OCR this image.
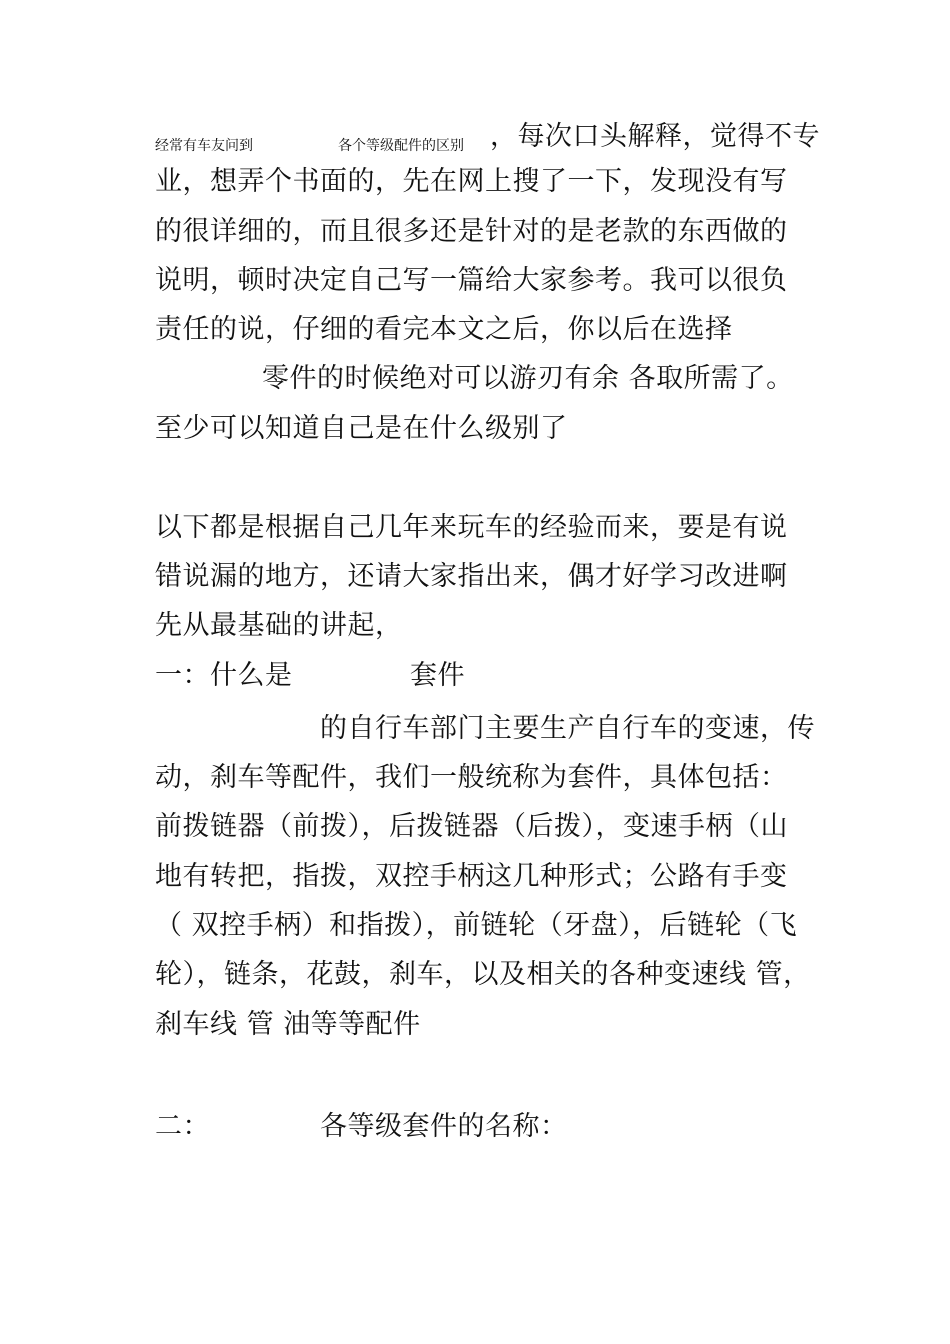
经常有车友问到	各个等级配件的区别 ，每次口头解释，觉得不专
业，想弄个书面的，先在网上搜了一下，发现没有写
的很详细的，而且很多还是针对的是老款的东西做的
说明，顿时决定自己写一篇给大家参考。我可以很负
责任的说，仔细的看完本文之后，你以后在选择
零件的时候绝对可以游刃有余 各取所需了。
至少可以知道自己是在什么级别了
以下都是根据自己几年来玩车的经验而来，要是有说
错说漏的地方，还请大家指出来，偶才好学习改进啊
先从最基础的讲起，
一：什么是	套件
的自行车部门主要生产自行车的变速，传
动，刹车等配件，我们一般统称为套件，具体包括：
前拨链器（前拨），后拨链器（后拨），变速手柄（山
地有转把，指拨，双控手柄这几种形式；公路有手变
（ 双控手柄）和指拨），前链轮（牙盘），后链轮（飞
轮），链条，花鼓，刹车，以及相关的各种变速线 管，
刹车线 管 油等等配件
二：	各等级套件的名称：
